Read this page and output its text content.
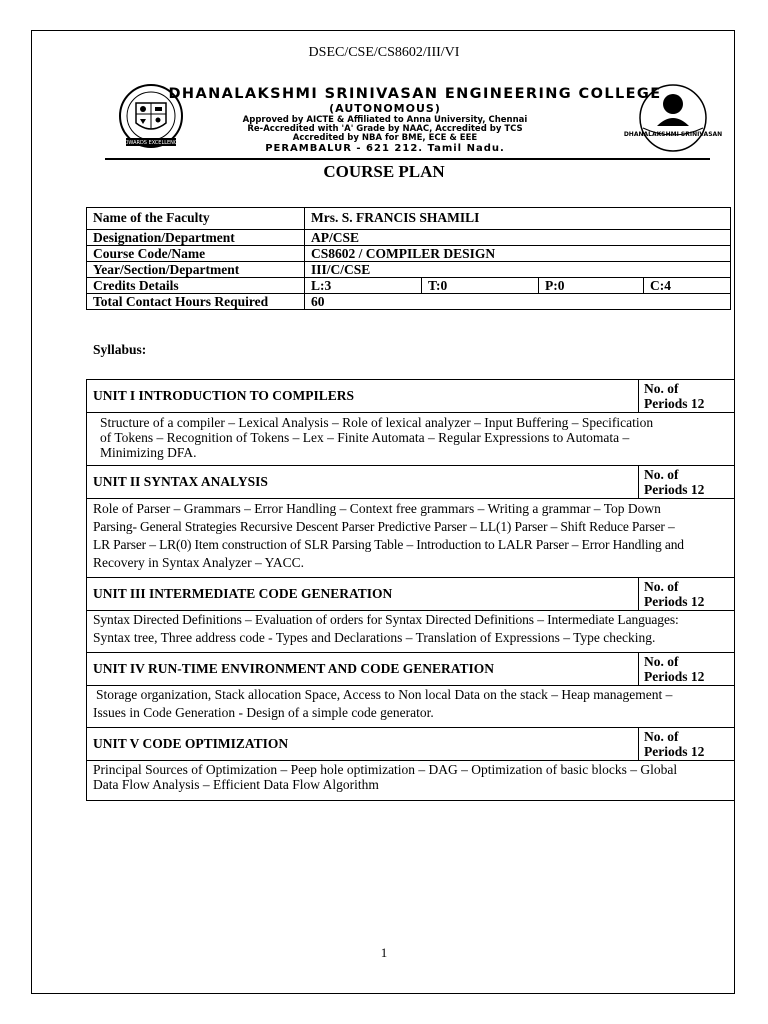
DSEC/CSE/CS8602/III/VI
TOWARDS EXCELLENCE
DHANALAKSHMI SRINIVASAN ENGINEERING COLLEGE
(AUTONOMOUS)
Approved by AICTE & Affiliated to Anna University, Chennai
Re-Accredited with 'A' Grade by NAAC, Accredited by TCS
Accredited by NBA for BME, ECE & EEE
PERAMBALUR - 621 212. Tamil Nadu.
DHANALAKSHMI SRINIVASAN
COURSE PLAN
Name of the Faculty	Mrs. S. FRANCIS SHAMILI			
Designation/Department	AP/CSE			
Course Code/Name	CS8602 / COMPILER DESIGN			
Year/Section/Department	III/C/CSE			
Credits Details	L:3	T:0	P:0	C:4
Total Contact Hours Required	60			
Syllabus:
UNIT I INTRODUCTION TO COMPILERS	No. of
Periods 12

Structure of a compiler – Lexical Analysis – Role of lexical analyzer – Input Buffering – Specification
of Tokens – Recognition of Tokens – Lex – Finite Automata – Regular Expressions to Automata –
Minimizing DFA.	

UNIT II SYNTAX ANALYSIS	No. of
Periods 12

Role of Parser – Grammars – Error Handling – Context free grammars – Writing a grammar – Top Down
Parsing- General Strategies Recursive Descent Parser Predictive Parser – LL(1) Parser – Shift Reduce Parser –
LR Parser – LR(0) Item construction of SLR Parsing Table – Introduction to LALR Parser – Error Handling and
Recovery in Syntax Analyzer – YACC.	

UNIT III INTERMEDIATE CODE GENERATION	No. of
Periods 12

Syntax Directed Definitions – Evaluation of orders for Syntax Directed Definitions – Intermediate Languages:
Syntax tree, Three address code - Types and Declarations – Translation of Expressions – Type checking.	

UNIT IV RUN-TIME ENVIRONMENT AND CODE GENERATION	No. of
Periods 12

Storage organization, Stack allocation Space, Access to Non local Data on the stack – Heap management –
Issues in Code Generation - Design of a simple code generator.	

UNIT V CODE OPTIMIZATION	No. of
Periods 12

Principal Sources of Optimization – Peep hole optimization – DAG – Optimization of basic blocks – Global
Data Flow Analysis – Efficient Data Flow Algorithm	
1
